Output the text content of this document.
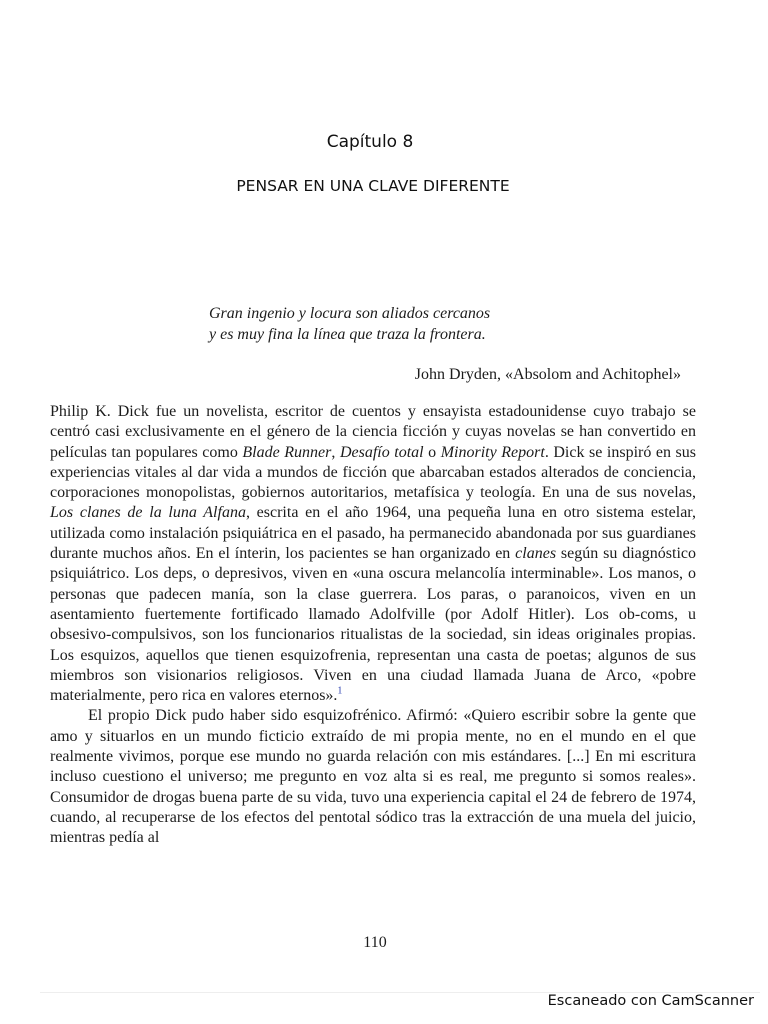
Capítulo 8
PENSAR EN UNA CLAVE DIFERENTE
Gran ingenio y locura son aliados cercanos
y es muy fina la línea que traza la frontera.
John Dryden, «Absolom and Achitophel»

Philip K. Dick fue un novelista, escritor de cuentos y ensayista estadounidense cuyo trabajo se centró casi exclusivamente en el género de la ciencia ficción y cuyas novelas se han convertido en películas tan populares como Blade Runner, Desafío total o Minority Report. Dick se inspiró en sus experiencias vitales al dar vida a mundos de ficción que abarcaban estados alterados de conciencia, corporaciones monopolistas, gobiernos autoritarios, metafísica y teología. En una de sus novelas, Los clanes de la luna Alfana, escrita en el año 1964, una pequeña luna en otro sistema estelar, utilizada como instalación psiquiátrica en el pasado, ha permanecido abandonada por sus guardianes durante muchos años. En el ínterin, los pacientes se han organizado en clanes según su diagnóstico psiquiátrico. Los deps, o depresivos, viven en «una oscura melancolía interminable». Los manos, o personas que padecen manía, son la clase guerrera. Los paras, o paranoicos, viven en un asentamiento fuertemente fortificado llamado Adolfville (por Adolf Hitler). Los ob-coms, u obsesivo-compulsivos, son los funcionarios ritualistas de la sociedad, sin ideas originales propias. Los esquizos, aquellos que tienen esquizofrenia, representan una casta de poetas; algunos de sus miembros son visionarios religiosos. Viven en una ciudad llamada Juana de Arco, «pobre materialmente, pero rica en valores eternos».$^1$

El propio Dick pudo haber sido esquizofrénico. Afirmó: «Quiero escribir sobre la gente que amo y situarlos en un mundo ficticio extraído de mi propia mente, no en el mundo en el que realmente vivimos, porque ese mundo no guarda relación con mis estándares. [...] En mi escritura incluso cuestiono el universo; me pregunto en voz alta si es real, me pregunto si somos reales». Consumidor de drogas buena parte de su vida, tuvo una experiencia capital el 24 de febrero de 1974, cuando, al recuperarse de los efectos del pentotal sódico tras la extracción de una muela del juicio, mientras pedía al

110
Escaneado con CamScanner
